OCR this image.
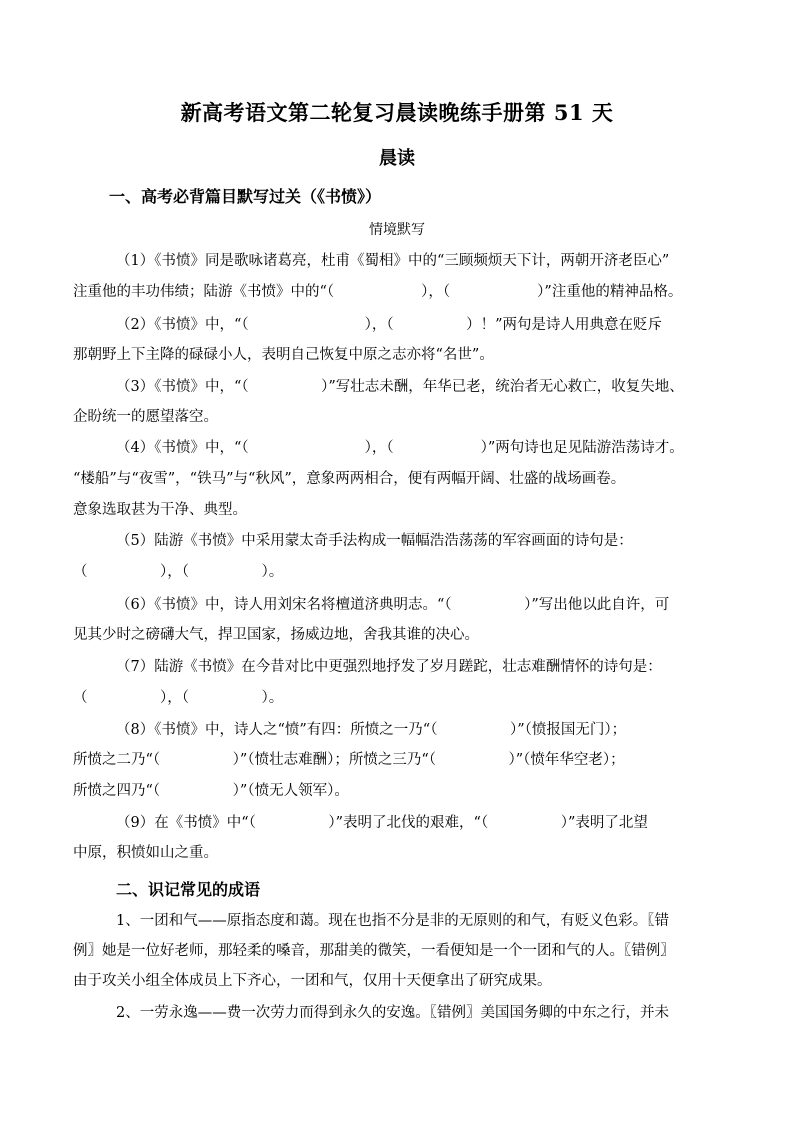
新高考语文第二轮复习晨读晚练手册第 51 天
晨读
一、高考必背篇目默写过关（《书愤》）
情境默写
（1）《书愤》同是歌咏诸葛亮，杜甫《蜀相》中的“三顾频烦天下计，两朝开济老臣心”
注重他的丰功伟绩；陆游《书愤》中的“（　　　　　　），（　　　　　　）”注重他的精神品格。
（2）《书愤》中，“（　　　　　　　　），（　　　　　）！”两句是诗人用典意在贬斥
那朝野上下主降的碌碌小人，表明自己恢复中原之志亦将“名世”。
（3）《书愤》中，“（　　　　　）”写壮志未酬，年华已老，统治者无心救亡，收复失地、
企盼统一的愿望落空。
（4）《书愤》中，“（　　　　　　　　），（　　　　　　）”两句诗也足见陆游浩荡诗才。
“楼船”与“夜雪”，“铁马”与“秋风”，意象两两相合，便有两幅开阔、壮盛的战场画卷。
意象选取甚为干净、典型。
（5）陆游《书愤》中采用蒙太奇手法构成一幅幅浩浩荡荡的军容画面的诗句是：
（　　　　　），（　　　　　）。
（6）《书愤》中，诗人用刘宋名将檀道济典明志。“（　　　　　）”写出他以此自许，可
见其少时之磅礴大气，捍卫国家，扬威边地，舍我其谁的决心。
（7）陆游《书愤》在今昔对比中更强烈地抒发了岁月蹉跎，壮志难酬情怀的诗句是：
（　　　　　），（　　　　　）。
（8）《书愤》中，诗人之“愤”有四：所愤之一乃“（　　　　　）”（愤报国无门）；
所愤之二乃“（　　　　　）”（愤壮志难酬）；所愤之三乃“（　　　　　）”（愤年华空老）；
所愤之四乃“（　　　　　）”（愤无人领军）。
（9）在《书愤》中“（　　　　　）”表明了北伐的艰难，“（　　　　　）”表明了北望
中原，积愤如山之重。
二、识记常见的成语
1、一团和气——原指态度和蔼。现在也指不分是非的无原则的和气，有贬义色彩。〖错
例〗她是一位好老师，那轻柔的嗓音，那甜美的微笑，一看便知是一个一团和气的人。〖错例〗
由于攻关小组全体成员上下齐心，一团和气，仅用十天便拿出了研究成果。
2、一劳永逸——费一次劳力而得到永久的安逸。〖错例〗美国国务卿的中东之行，并未
